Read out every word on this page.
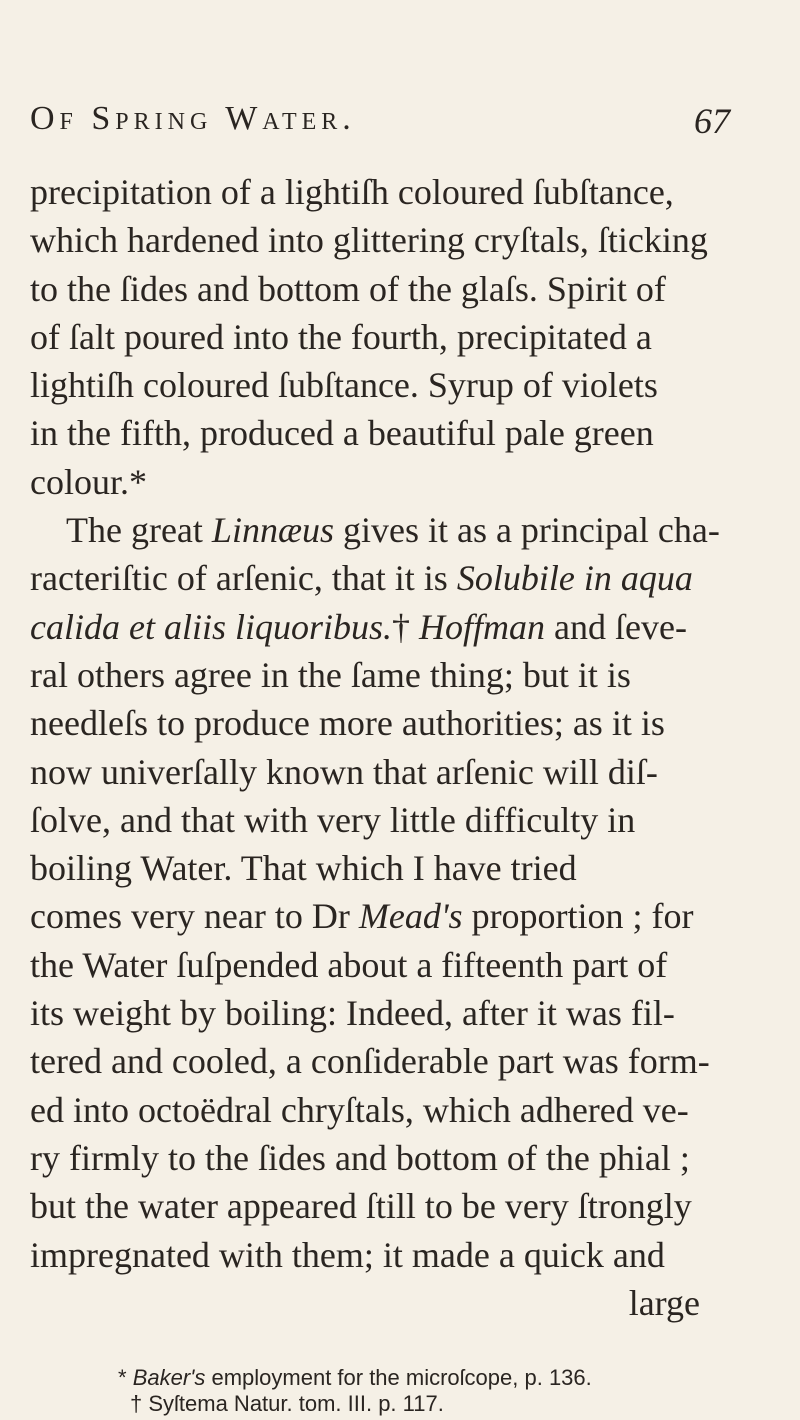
Of Spring Water.	67
precipitation of a lightiſh coloured ſubſtance,
which hardened into glittering cryſtals, ſticking
to the ſides and bottom of the glaſs. Spirit of
of ſalt poured into the fourth, precipitated a
lightiſh coloured ſubſtance. Syrup of violets
in the fifth, produced a beautiful pale green
colour.*
The great Linnæus gives it as a principal cha-
racteriſtic of arſenic, that it is Solubile in aqua
calida et aliis liquoribus.† Hoffman and ſeve-
ral others agree in the ſame thing; but it is
needleſs to produce more authorities; as it is
now univerſally known that arſenic will diſ-
ſolve, and that with very little difficulty in
boiling Water. That which I have tried
comes very near to Dr Mead's proportion ; for
the Water ſuſpended about a fifteenth part of
its weight by boiling: Indeed, after it was fil-
tered and cooled, a conſiderable part was form-
ed into octoëdral chryſtals, which adhered ve-
ry firmly to the ſides and bottom of the phial ;
but the water appeared ſtill to be very ſtrongly
impregnated with them; it made a quick and
large
* Baker's employment for the microſcope, p. 136.
† Syſtema Natur. tom. III. p. 117.
